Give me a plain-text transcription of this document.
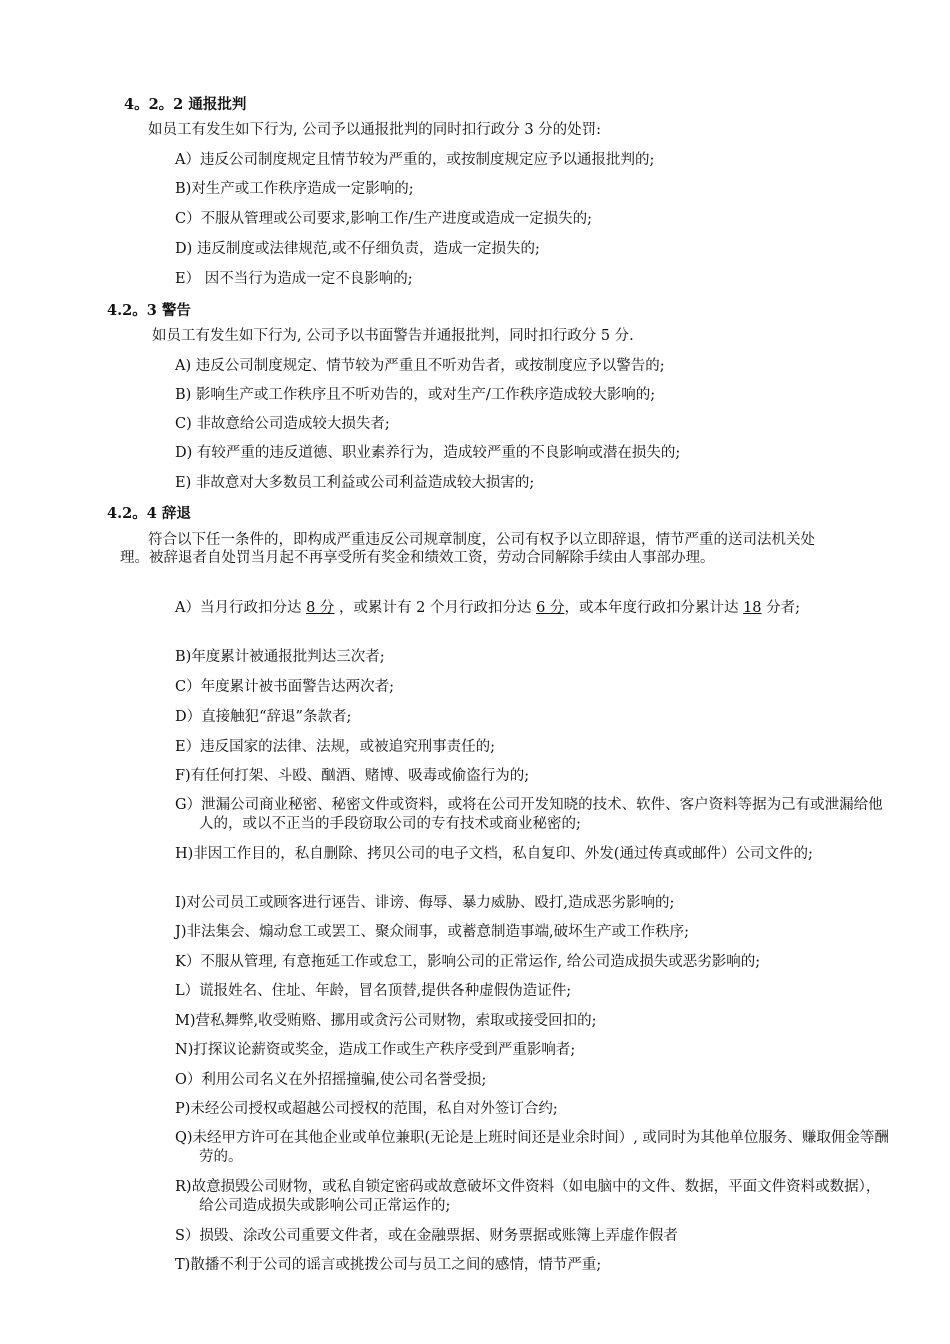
4。2。2 通报批判
如员工有发生如下行为, 公司予以通报批判的同时扣行政分 3 分的处罚:
A）违反公司制度规定且情节较为严重的，或按制度规定应予以通报批判的;
B)对生产或工作秩序造成一定影响的;
C）不服从管理或公司要求,影响工作/生产进度或造成一定损失的;
D) 违反制度或法律规范,或不仔细负责，造成一定损失的;
E） 因不当行为造成一定不良影响的;
4.2。3 警告
如员工有发生如下行为, 公司予以书面警告并通报批判，同时扣行政分 5 分.
A) 违反公司制度规定、情节较为严重且不听劝告者，或按制度应予以警告的;
B) 影响生产或工作秩序且不听劝告的，或对生产/工作秩序造成较大影响的;
C) 非故意给公司造成较大损失者;
D) 有较严重的违反道德、职业素养行为，造成较严重的不良影响或潜在损失的;
E) 非故意对大多数员工利益或公司利益造成较大损害的;
4.2。4 辞退
符合以下任一条件的，即构成严重违反公司规章制度，公司有权予以立即辞退，情节严重的送司法机关处理。被辞退者自处罚当月起不再享受所有奖金和绩效工资，劳动合同解除手续由人事部办理。
A）当月行政扣分达 8 分 ，或累计有 2 个月行政扣分达 6 分，或本年度行政扣分累计达 18 分者;
B)年度累计被通报批判达三次者;
C）年度累计被书面警告达两次者;
D）直接触犯“辞退”条款者;
E）违反国家的法律、法规，或被追究刑事责任的;
F)有任何打架、斗殴、酗酒、赌博、吸毒或偷盗行为的;
G）泄漏公司商业秘密、秘密文件或资料，或将在公司开发知晓的技术、软件、客户资料等据为己有或泄漏给他人的，或以不正当的手段窃取公司的专有技术或商业秘密的;
H)非因工作目的，私自删除、拷贝公司的电子文档，私自复印、外发(通过传真或邮件）公司文件的;
I)对公司员工或顾客进行诬告、诽谤、侮辱、暴力威胁、殴打,造成恶劣影响的;
J)非法集会、煽动怠工或罢工、聚众闹事，或蓄意制造事端,破坏生产或工作秩序;
K）不服从管理, 有意拖延工作或怠工，影响公司的正常运作, 给公司造成损失或恶劣影响的;
L）谎报姓名、住址、年龄，冒名顶替,提供各种虚假伪造证件;
M)营私舞弊,收受贿赂、挪用或贪污公司财物，索取或接受回扣的;
N)打探议论薪资或奖金，造成工作或生产秩序受到严重影响者;
O）利用公司名义在外招摇撞骗,使公司名誉受损;
P)未经公司授权或超越公司授权的范围，私自对外签订合约;
Q)未经甲方许可在其他企业或单位兼职(无论是上班时间还是业余时间）, 或同时为其他单位服务、赚取佣金等酬劳的。
R)故意损毁公司财物，或私自锁定密码或故意破坏文件资料（如电脑中的文件、数据，平面文件资料或数据），给公司造成损失或影响公司正常运作的;
S）损毁、涂改公司重要文件者，或在金融票据、财务票据或账簿上弄虚作假者
T)散播不利于公司的谣言或挑拨公司与员工之间的感情，情节严重;
